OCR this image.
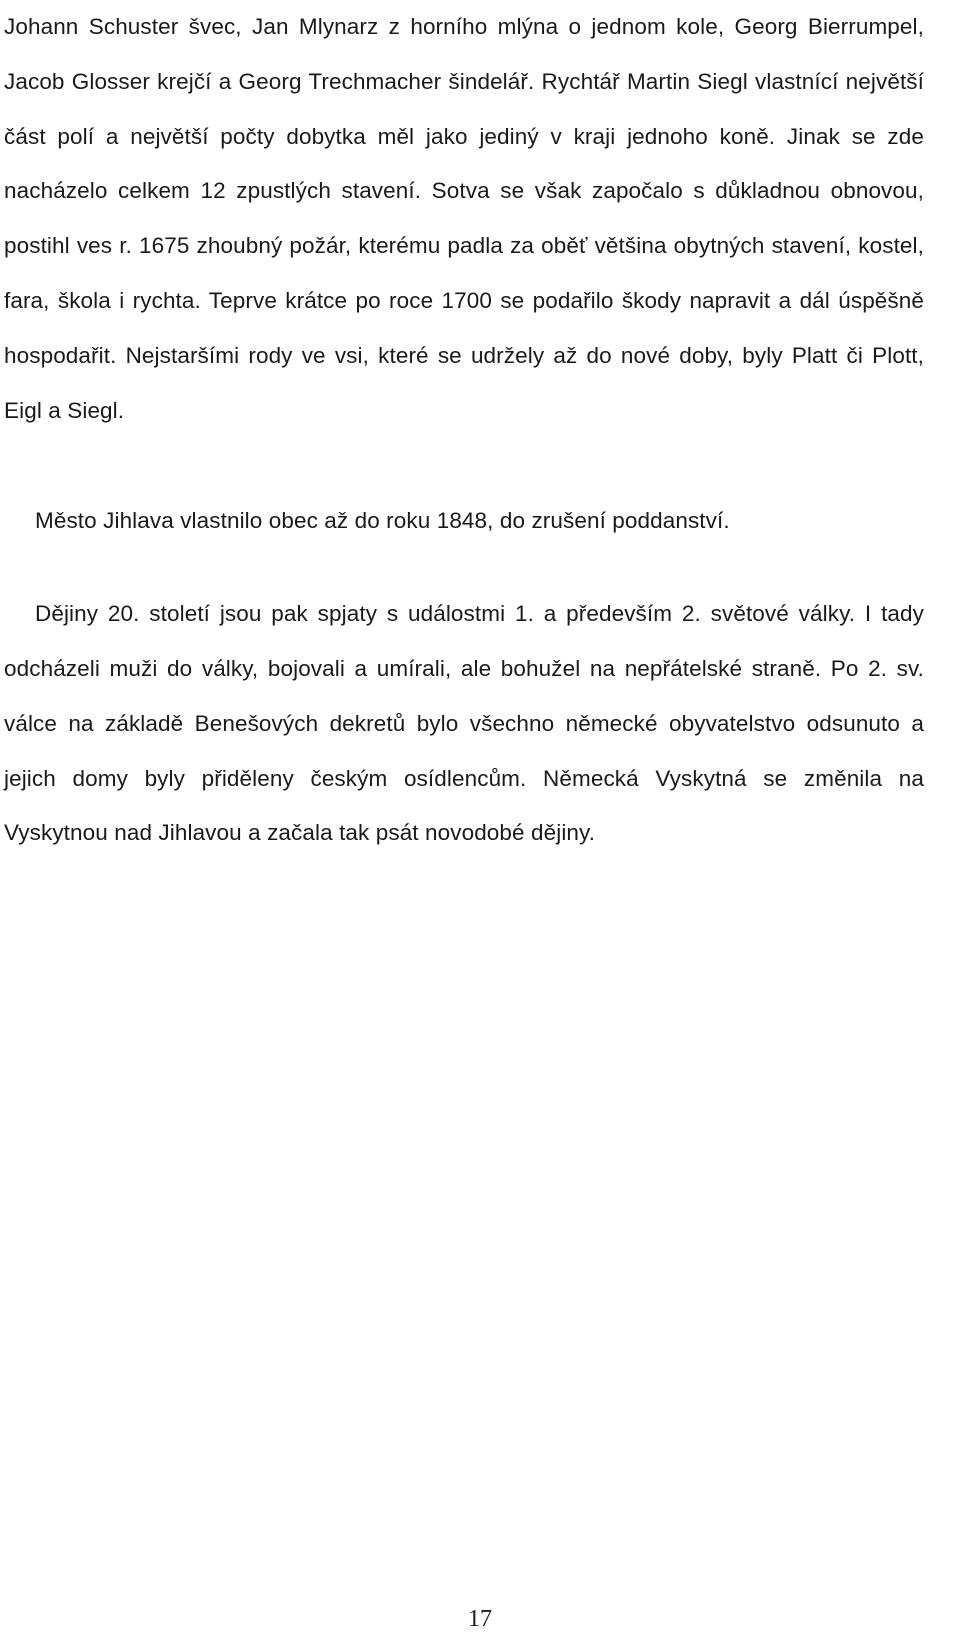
Johann Schuster švec, Jan Mlynarz z horního mlýna o jednom kole, Georg Bierrumpel, Jacob Glosser krejčí a Georg Trechmacher šindelář. Rychtář Martin Siegl vlastnící největší část polí a největší počty dobytka měl jako jediný v kraji jednoho koně. Jinak se zde nacházelo celkem 12 zpustlých stavení. Sotva se však započalo s důkladnou obnovou, postihl ves r. 1675 zhoubný požár, kterému padla za oběť většina obytných stavení, kostel, fara, škola i rychta. Teprve krátce po roce 1700 se podařilo škody napravit a dál úspěšně hospodařit. Nejstaršími rody ve vsi, které se udržely až do nové doby, byly Platt či Plott, Eigl a Siegl.

Město Jihlava vlastnilo obec až do roku 1848, do zrušení poddanství.

Dějiny 20. století jsou pak spjaty s událostmi 1. a především 2. světové války. I tady odcházeli muži do války, bojovali a umírali, ale bohužel na nepřátelské straně. Po 2. sv. válce na základě Benešových dekretů bylo všechno německé obyvatelstvo odsunuto a jejich domy byly přiděleny českým osídlencům. Německá Vyskytná se změnila na Vyskytnou nad Jihlavou a začala tak psát novodobé dějiny.

17
